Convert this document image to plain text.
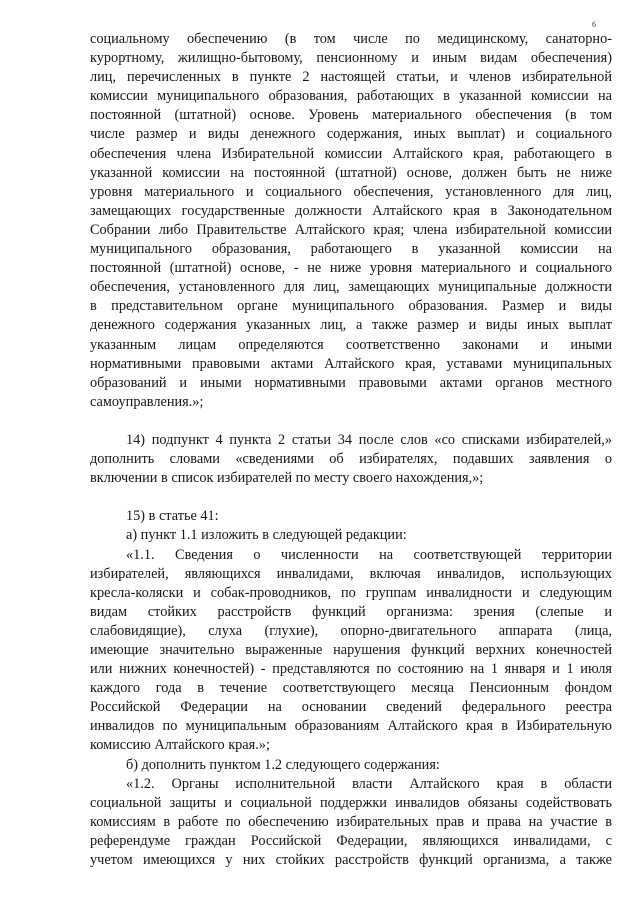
6
социальному обеспечению (в том числе по медицинскому, санаторно-
курортному, жилищно-бытовому, пенсионному и иным видам обеспечения)
лиц, перечисленных в пункте 2 настоящей статьи, и членов избирательной
комиссии муниципального образования, работающих в указанной комиссии на
постоянной (штатной) основе. Уровень материального обеспечения (в том
числе размер и виды денежного содержания, иных выплат) и социального
обеспечения члена Избирательной комиссии Алтайского края, работающего в
указанной комиссии на постоянной (штатной) основе, должен быть не ниже
уровня материального и социального обеспечения, установленного для лиц,
замещающих государственные должности Алтайского края в Законодательном
Собрании либо Правительстве Алтайского края; члена избирательной комиссии
муниципального образования, работающего в указанной комиссии на
постоянной (штатной) основе, - не ниже уровня материального и социального
обеспечения, установленного для лиц, замещающих муниципальные должности
в представительном органе муниципального образования. Размер и виды
денежного содержания указанных лиц, а также размер и виды иных выплат
указанным лицам определяются соответственно законами и иными
нормативными правовыми актами Алтайского края, уставами муниципальных
образований и иными нормативными правовыми актами органов местного
самоуправления.»;
14) подпункт 4 пункта 2 статьи 34 после слов «со списками избирателей,»
дополнить словами «сведениями об избирателях, подавших заявления о
включении в список избирателей по месту своего нахождения,»;
15) в статье 41:
а) пункт 1.1 изложить в следующей редакции:
«1.1. Сведения о численности на соответствующей территории
избирателей, являющихся инвалидами, включая инвалидов, использующих
кресла-коляски и собак-проводников, по группам инвалидности и следующим
видам стойких расстройств функций организма: зрения (слепые и
слабовидящие), слуха (глухие), опорно-двигательного аппарата (лица,
имеющие значительно выраженные нарушения функций верхних конечностей
или нижних конечностей) - представляются по состоянию на 1 января и 1 июля
каждого года в течение соответствующего месяца Пенсионным фондом
Российской Федерации на основании сведений федерального реестра
инвалидов по муниципальным образованиям Алтайского края в Избирательную
комиссию Алтайского края.»;
б) дополнить пунктом 1.2 следующего содержания:
«1.2. Органы исполнительной власти Алтайского края в области
социальной защиты и социальной поддержки инвалидов обязаны содействовать
комиссиям в работе по обеспечению избирательных прав и права на участие в
референдуме граждан Российской Федерации, являющихся инвалидами, с
учетом имеющихся у них стойких расстройств функций организма, а также
